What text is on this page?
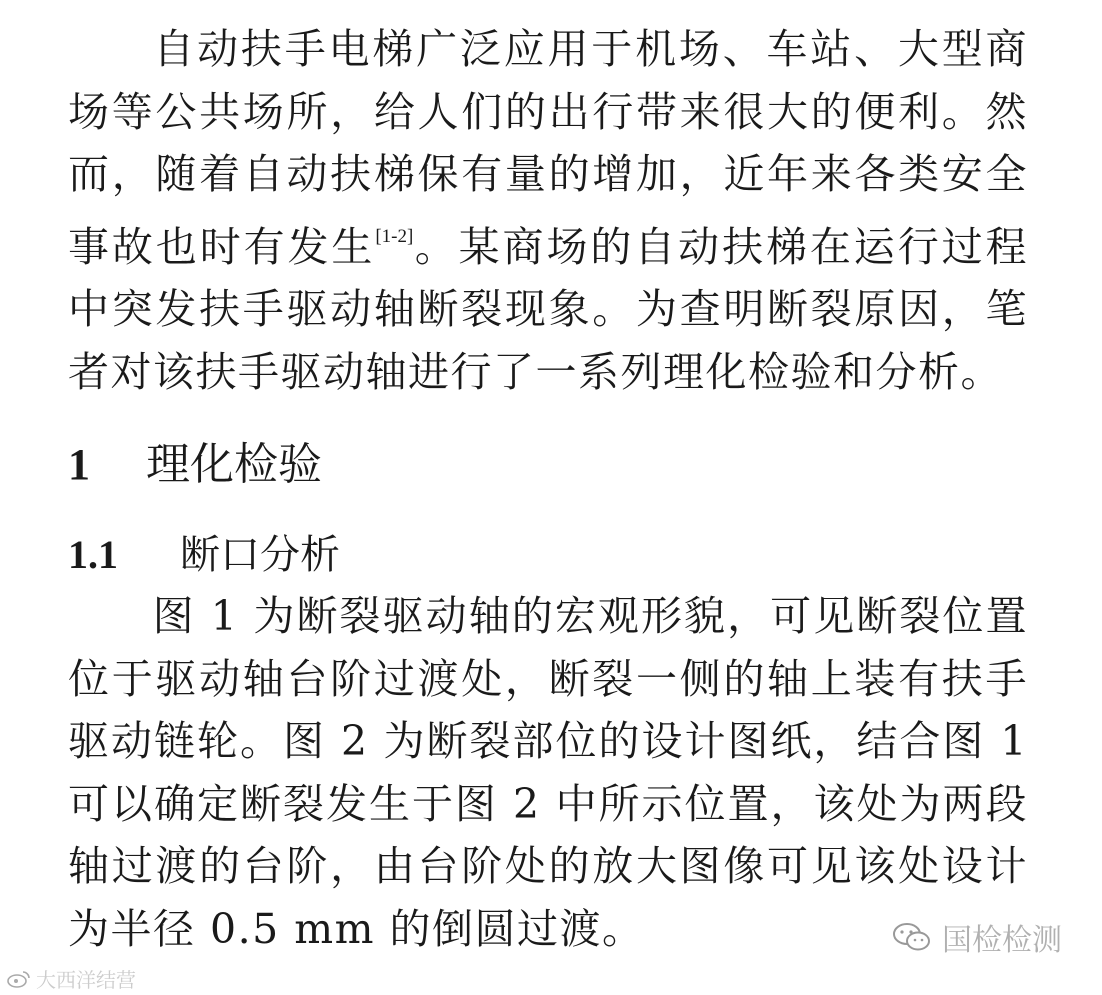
自动扶手电梯广泛应用于机场、车站、大型商场等公共场所，给人们的出行带来很大的便利。然而，随着自动扶梯保有量的增加，近年来各类安全事故也时有发生[1-2]。某商场的自动扶梯在运行过程中突发扶手驱动轴断裂现象。为查明断裂原因，笔者对该扶手驱动轴进行了一系列理化检验和分析。

1 理化检验
1.1 断口分析

图 1 为断裂驱动轴的宏观形貌，可见断裂位置位于驱动轴台阶过渡处，断裂一侧的轴上装有扶手驱动链轮。图 2 为断裂部位的设计图纸，结合图 1 可以确定断裂发生于图 2 中所示位置，该处为两段轴过渡的台阶，由台阶处的放大图像可见该处设计为半径 0.5 mm 的倒圆过渡。	国检检测
大西洋结营
